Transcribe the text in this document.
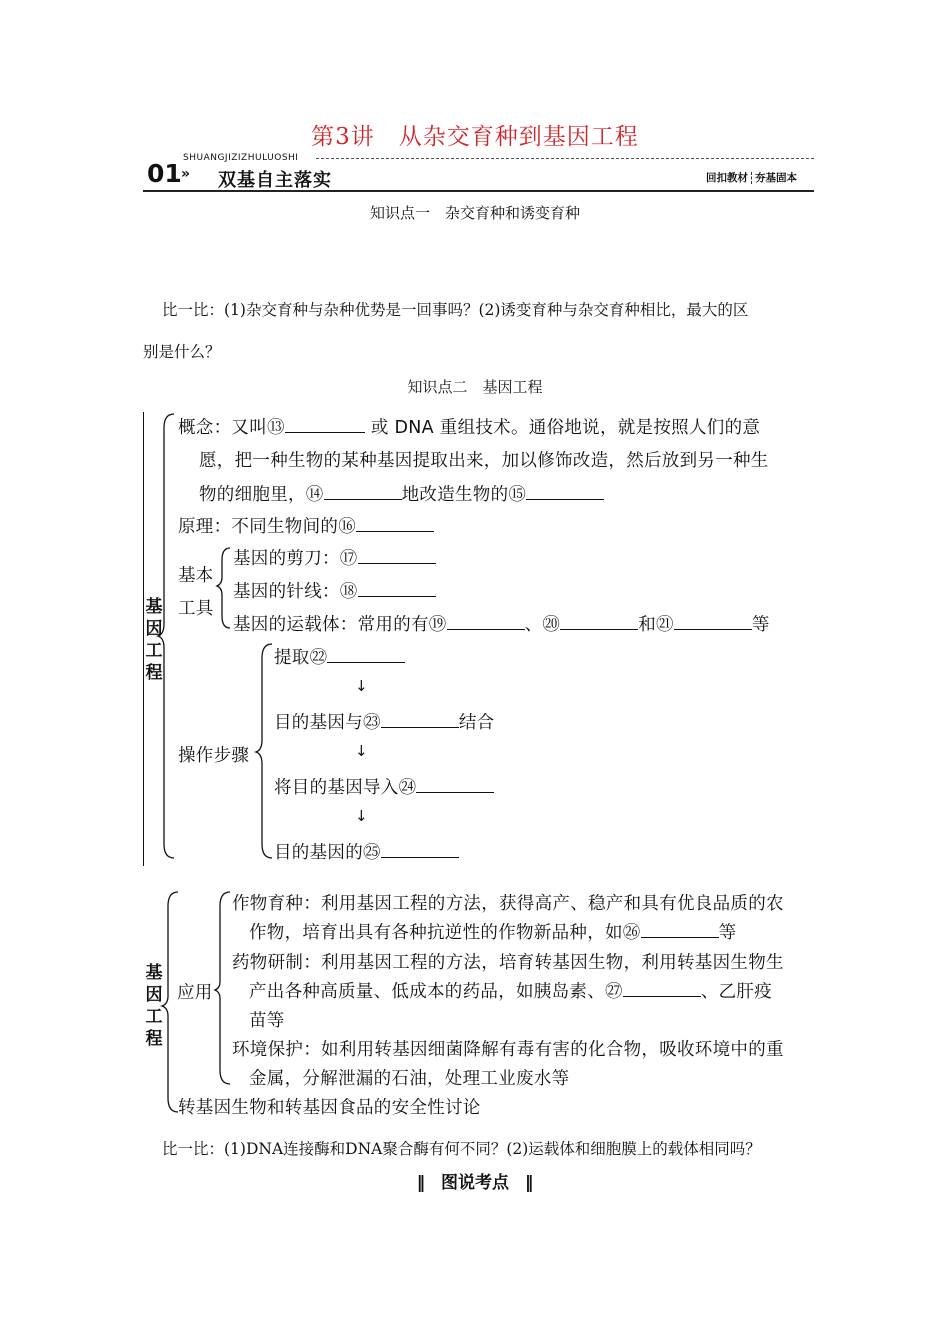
第3讲　从杂交育种到基因工程
01
SHUANGJIZIZHULUOSHI
» 双基自主落实	回扣教材 夯基固本
知识点一　杂交育种和诱变育种
比一比：(1)杂交育种与杂种优势是一回事吗？(2)诱变育种与杂交育种相比，最大的区
别是什么？
知识点二　基因工程
基因工程
概念：又叫⑬	或 DNA 重组技术。通俗地说，就是按照人们的意
愿，把一种生物的某种基因提取出来，加以修饰改造，然后放到另一种生
物的细胞里，⑭	地改造生物的⑮
原理：不同生物间的⑯
基本
工具
基因的剪刀：⑰
基因的针线：⑱
基因的运载体：常用的有⑲	、⑳	和㉑	等
操作步骤
提取㉒
↓
目的基因与㉓	结合
↓
将目的基因导入㉔
↓
目的基因的㉕
基因工程
应用
作物育种：利用基因工程的方法，获得高产、稳产和具有优良品质的农
作物，培育出具有各种抗逆性的作物新品种，如㉖	等
药物研制：利用基因工程的方法，培育转基因生物，利用转基因生物生
产出各种高质量、低成本的药品，如胰岛素、㉗	、乙肝疫
苗等
环境保护：如利用转基因细菌降解有毒有害的化合物，吸收环境中的重
金属，分解泄漏的石油，处理工业废水等
转基因生物和转基因食品的安全性讨论
比一比：(1)DNA连接酶和DNA聚合酶有何不同？(2)运载体和细胞膜上的载体相同吗？
‖ 图说考点 ‖
